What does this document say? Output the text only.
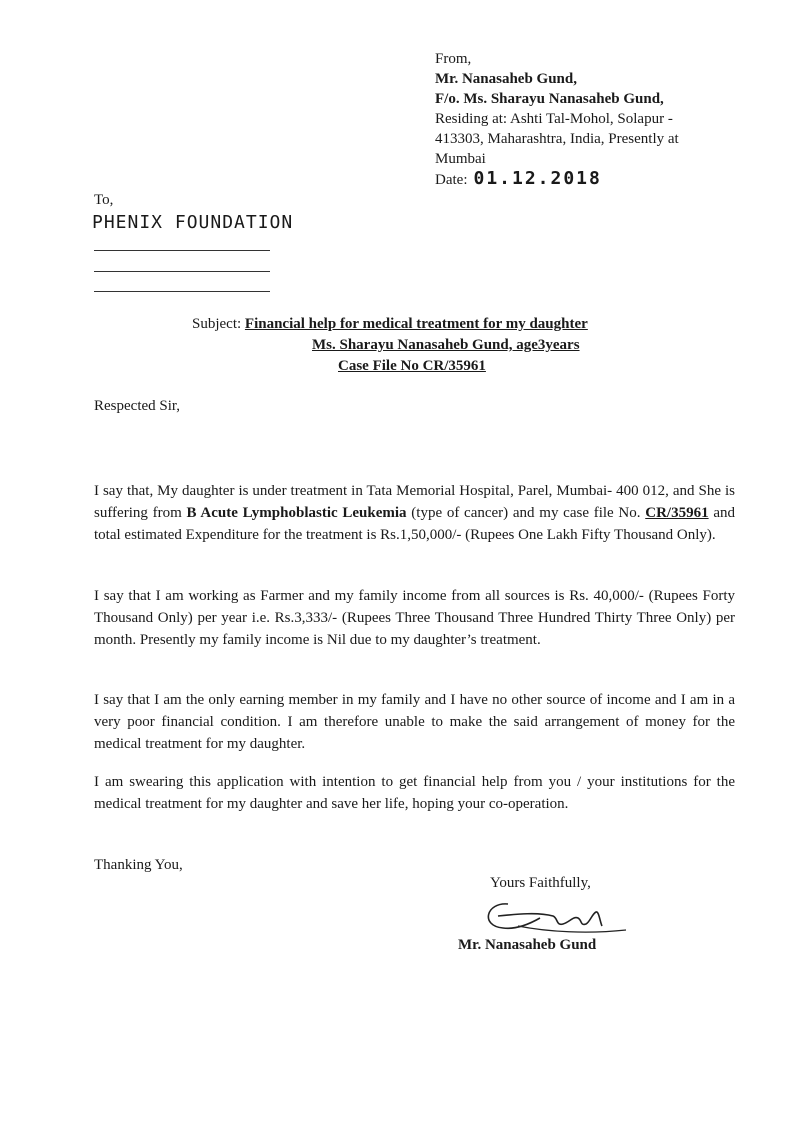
From,
Mr. Nanasaheb Gund,
F/o. Ms. Sharayu Nanasaheb Gund,
Residing at: Ashti Tal-Mohol, Solapur -
413303, Maharashtra, India, Presently at
Mumbai
Date: 01.12.2018
To,
PHENIX FOUNDATION
Subject: Financial help for medical treatment for my daughter
Ms. Sharayu Nanasaheb Gund, age3years
Case File No CR/35961
Respected Sir,

I say that, My daughter is under treatment in Tata Memorial Hospital, Parel, Mumbai- 400 012, and She is suffering from B Acute Lymphoblastic Leukemia (type of cancer) and my case file No. CR/35961 and total estimated Expenditure for the treatment is Rs.1,50,000/- (Rupees One Lakh Fifty Thousand Only).

I say that I am working as Farmer and my family income from all sources is Rs. 40,000/- (Rupees Forty Thousand Only) per year i.e. Rs.3,333/- (Rupees Three Thousand Three Hundred Thirty Three Only) per month. Presently my family income is Nil due to my daughter’s treatment.

I say that I am the only earning member in my family and I have no other source of income and I am in a very poor financial condition. I am therefore unable to make the said arrangement of money for the medical treatment for my daughter.

I am swearing this application with intention to get financial help from you / your institutions for the medical treatment for my daughter and save her life, hoping your co-operation.

Thanking You,
Yours Faithfully,
Mr. Nanasaheb Gund
